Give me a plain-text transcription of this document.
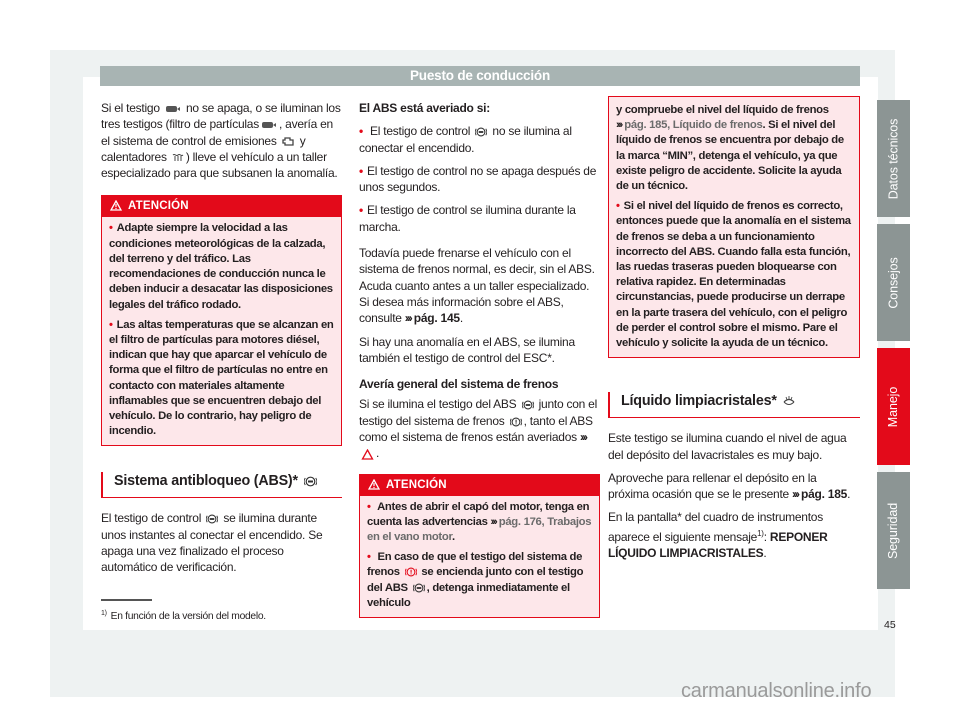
Puesto de conducción

Si el testigo no se apaga, o se iluminan los tres testigos (filtro de partículas , avería en el sistema de control de emisiones y calentadores ) lleve el vehículo a un taller especializado para que subsanen la anomalía.

ATENCIÓN

• Adapte siempre la velocidad a las condiciones meteorológicas de la calzada, del terreno y del tráfico. Las recomendaciones de conducción nunca le deben inducir a desacatar las disposiciones legales del tráfico rodado.

• Las altas temperaturas que se alcanzan en el filtro de partículas para motores diésel, indican que hay que aparcar el vehículo de forma que el filtro de partículas no entre en contacto con materiales altamente inflamables que se encuentren debajo del vehículo. De lo contrario, hay peligro de incendio.

Sistema antibloqueo (ABS)*

El testigo de control se ilumina durante unos instantes al conectar el encendido. Se apaga una vez finalizado el proceso automático de verificación.

El ABS está averiado si:

• El testigo de control no se ilumina al conectar el encendido.

• El testigo de control no se apaga después de unos segundos.

• El testigo de control se ilumina durante la marcha.

Todavía puede frenarse el vehículo con el sistema de frenos normal, es decir, sin el ABS. Acuda cuanto antes a un taller especializado. Si desea más información sobre el ABS, consulte ››› pág. 145.

Si hay una anomalía en el ABS, se ilumina también el testigo de control del ESC*.

Avería general del sistema de frenos

Si se ilumina el testigo del ABS junto con el testigo del sistema de frenos , tanto el ABS como el sistema de frenos están averiados ›››.

ATENCIÓN

• Antes de abrir el capó del motor, tenga en cuenta las advertencias ››› pág. 176, Trabajos en el vano motor.

• En caso de que el testigo del sistema de frenos se encienda junto con el testigo del ABS , detenga inmediatamente el vehículo

y compruebe el nivel del líquido de frenos ››› pág. 185, Líquido de frenos. Si el nivel del líquido de frenos se encuentra por debajo de la marca “MIN”, detenga el vehículo, ya que existe peligro de accidente. Solicite la ayuda de un técnico.

• Si el nivel del líquido de frenos es correcto, entonces puede que la anomalía en el sistema de frenos se deba a un funcionamiento incorrecto del ABS. Cuando falla esta función, las ruedas traseras pueden bloquearse con relativa rapidez. En determinadas circunstancias, puede producirse un derrape en la parte trasera del vehículo, con el peligro de perder el control sobre el mismo. Pare el vehículo y solicite la ayuda de un técnico.

Líquido limpiacristales*

Este testigo se ilumina cuando el nivel de agua del depósito del lavacristales es muy bajo.

Aproveche para rellenar el depósito en la próxima ocasión que se le presente ››› pág. 185.

En la pantalla* del cuadro de instrumentos aparece el siguiente mensaje$^{1)}$: REPONER LÍQUIDO LIMPIACRISTALES.

Datos técnicos
Consejos
Manejo
Seguridad
$^{1)}$ En función de la versión del modelo.
45
carmanualsonline.info
